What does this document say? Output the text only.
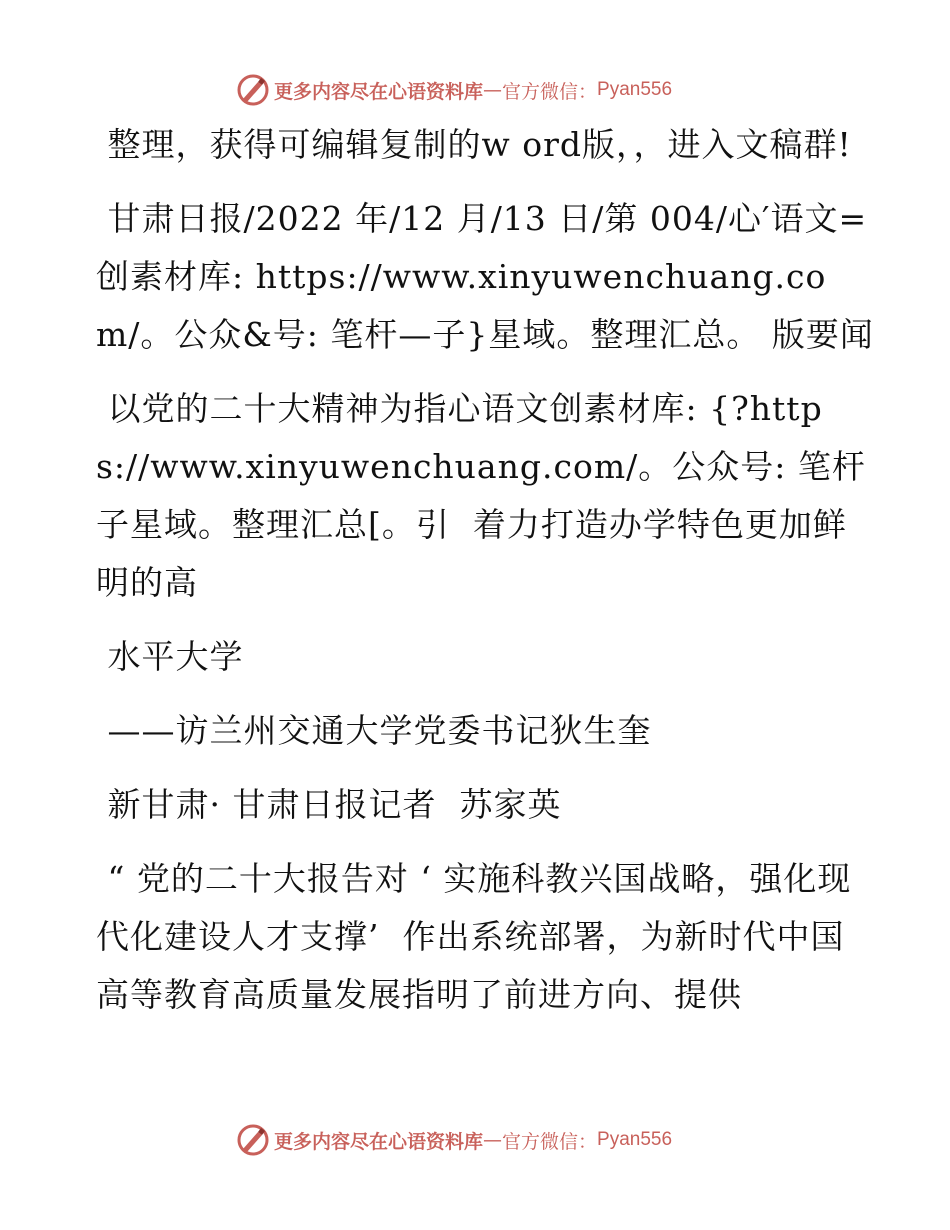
更多内容尽在心语资料库 — 官方微信： Pyan556

整理，获得可编辑复制的w ord版，，进入文稿群!

甘肃日报/2022 年/12 月/13 日/第 004/心′语文=创素材库: https://www.xinyuwenchuang.com/。公众&号: 笔杆—子}星域。整理汇总。 版要闻

以党的二十大精神为指心语文创素材库: {?https://www.xinyuwenchuang.com/。公众号: 笔杆子星域。整理汇总[。引  着力打造办学特色更加鲜明的高

水平大学

——访兰州交通大学党委书记狄生奎

新甘肃· 甘肃日报记者  苏家英

“ 党的二十大报告对 ‘ 实施科教兴国战略，强化现代化建设人才支撑’  作出系统部署，为新时代中国高等教育高质量发展指明了前进方向、提供

更多内容尽在心语资料库 — 官方微信： Pyan556
